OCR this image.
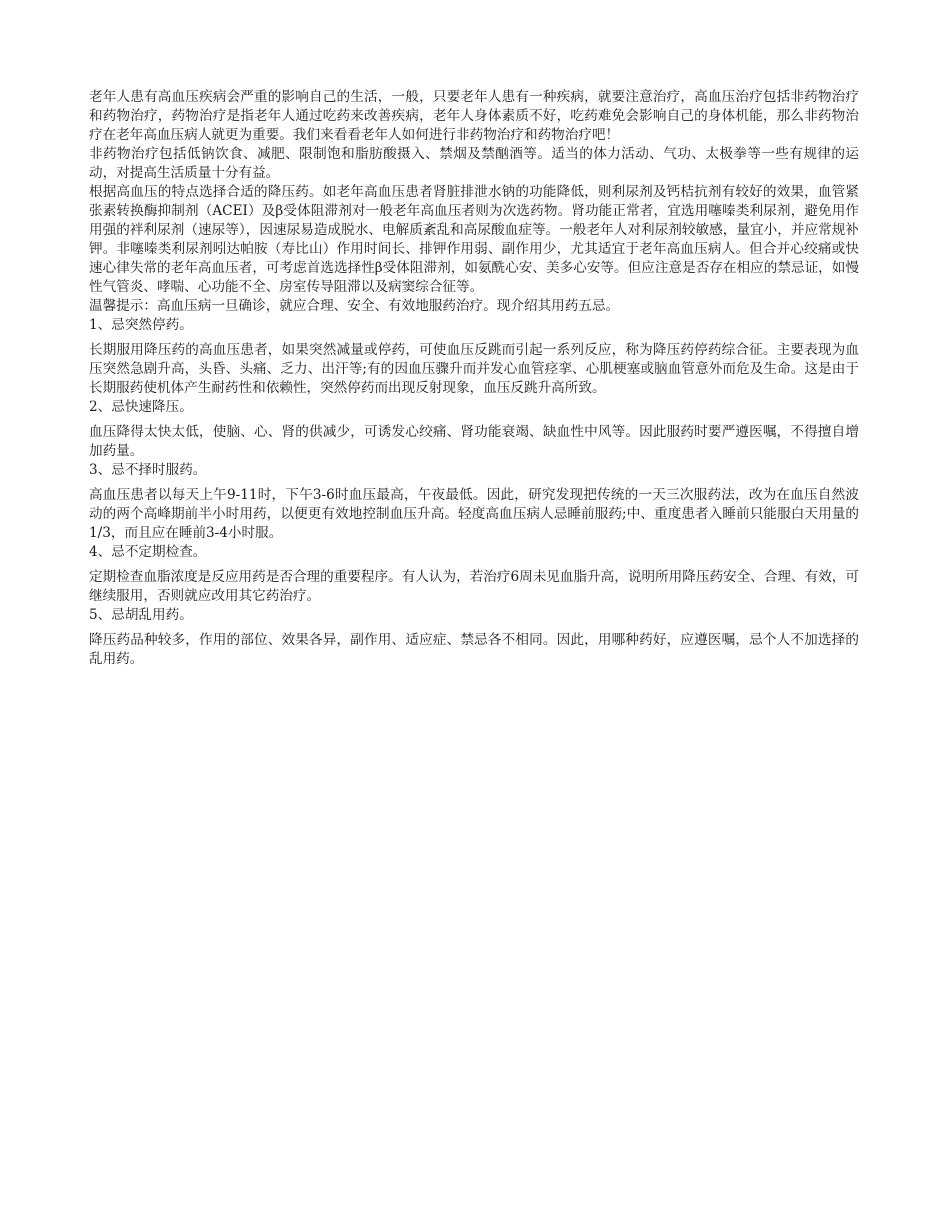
老年人患有高血压疾病会严重的影响自己的生活，一般，只要老年人患有一种疾病，就要注意治疗，高血压治疗包括非药物治疗和药物治疗，药物治疗是指老年人通过吃药来改善疾病，老年人身体素质不好，吃药难免会影响自己的身体机能，那么非药物治疗在老年高血压病人就更为重要。我们来看看老年人如何进行非药物治疗和药物治疗吧！

非药物治疗包括低钠饮食、减肥、限制饱和脂肪酸摄入、禁烟及禁酗酒等。适当的体力活动、气功、太极拳等一些有规律的运动，对提高生活质量十分有益。

根据高血压的特点选择合适的降压药。如老年高血压患者肾脏排泄水钠的功能降低，则利尿剂及钙桔抗剂有较好的效果，血管紧张素转换酶抑制剂（ACEI）及β受体阻滞剂对一般老年高血压者则为次选药物。肾功能正常者，宜选用噻嗪类利尿剂，避免用作用强的袢利尿剂（速尿等），因速尿易造成脱水、电解质紊乱和高尿酸血症等。一般老年人对利尿剂较敏感，量宜小，并应常规补钾。非噻嗪类利尿剂吲达帕胺（寿比山）作用时间长、排钾作用弱、副作用少，尤其适宜于老年高血压病人。但合并心绞痛或快速心律失常的老年高血压者，可考虑首选选择性β受体阻滞剂，如氨酰心安、美多心安等。但应注意是否存在相应的禁忌证，如慢性气管炎、哮喘、心功能不全、房室传导阻滞以及病窦综合征等。

温馨提示：高血压病一旦确诊，就应合理、安全、有效地服药治疗。现介绍其用药五忌。

1、忌突然停药。

长期服用降压药的高血压患者，如果突然减量或停药，可使血压反跳而引起一系列反应，称为降压药停药综合征。主要表现为血压突然急剧升高，头昏、头痛、乏力、出汗等;有的因血压骤升而并发心血管痉挛、心肌梗塞或脑血管意外而危及生命。这是由于长期服药使机体产生耐药性和依赖性，突然停药而出现反射现象，血压反跳升高所致。

2、忌快速降压。

血压降得太快太低，使脑、心、肾的供减少，可诱发心绞痛、肾功能衰竭、缺血性中风等。因此服药时要严遵医嘱，不得擅自增加药量。

3、忌不择时服药。

高血压患者以每天上午9-11时，下午3-6时血压最高，午夜最低。因此，研究发现把传统的一天三次服药法，改为在血压自然波动的两个高峰期前半小时用药，以便更有效地控制血压升高。轻度高血压病人忌睡前服药;中、重度患者入睡前只能服白天用量的1/3，而且应在睡前3-4小时服。

4、忌不定期检查。

定期检查血脂浓度是反应用药是否合理的重要程序。有人认为，若治疗6周未见血脂升高，说明所用降压药安全、合理、有效，可继续服用，否则就应改用其它药治疗。

5、忌胡乱用药。

降压药品种较多，作用的部位、效果各异，副作用、适应症、禁忌各不相同。因此，用哪种药好，应遵医嘱，忌个人不加选择的乱用药。
